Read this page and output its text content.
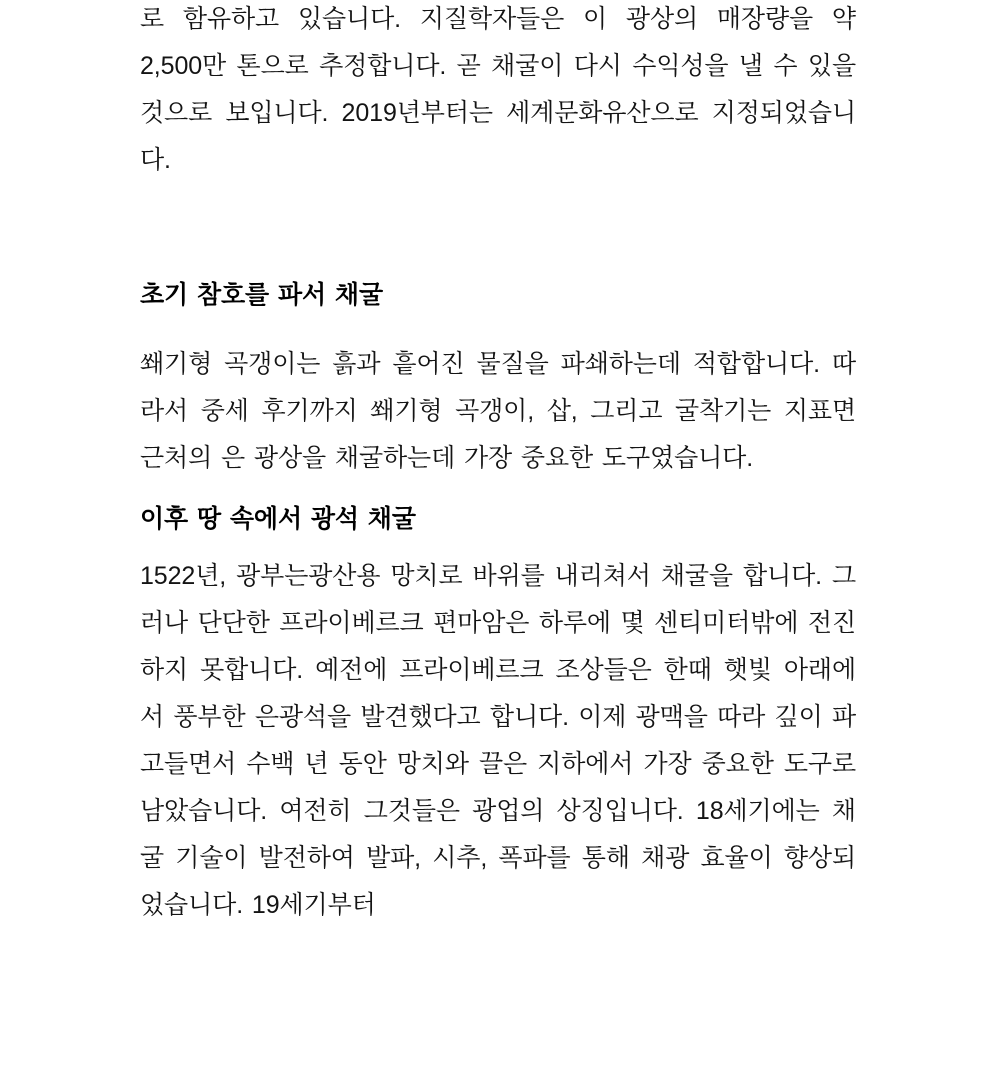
로 함유하고 있습니다. 지질학자들은 이 광상의 매장량을 약 2,500만 톤으로 추정합니다. 곧 채굴이 다시 수익성을 낼 수 있을 것으로 보입니다. 2019년부터는 세계문화유산으로 지정되었습니다.

초기 참호를 파서 채굴

쐐기형 곡갱이는 흙과 흩어진 물질을 파쇄하는데 적합합니다. 따라서 중세 후기까지 쐐기형 곡갱이, 삽, 그리고 굴착기는 지표면 근처의 은 광상을 채굴하는데 가장 중요한 도구였습니다.

이후 땅 속에서 광석 채굴

1522년, 광부는광산용 망치로 바위를 내리쳐서 채굴을 합니다. 그러나 단단한 프라이베르크 편마암은 하루에 몇 센티미터밖에 전진하지 못합니다. 예전에 프라이베르크 조상들은 한때 햇빛 아래에서 풍부한 은광석을 발견했다고 합니다. 이제 광맥을 따라 깊이 파고들면서 수백 년 동안 망치와 끌은 지하에서 가장 중요한 도구로 남았습니다. 여전히 그것들은 광업의 상징입니다. 18세기에는 채굴 기술이 발전하여 발파, 시추, 폭파를 통해 채광 효율이 향상되었습니다. 19세기부터
